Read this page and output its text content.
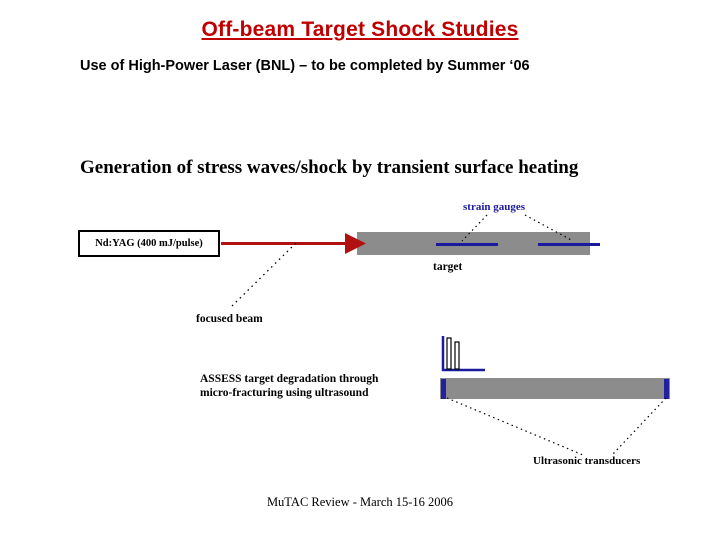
Off-beam Target Shock Studies
Use of High-Power Laser (BNL) – to be completed by Summer ‘06
Generation of stress waves/shock by transient surface heating
Nd:YAG (400 mJ/pulse)
strain gauges
target
focused beam
Ultrasonic transducers
ASSESS target degradation through
micro-fracturing using ultrasound
MuTAC Review - March 15-16 2006
